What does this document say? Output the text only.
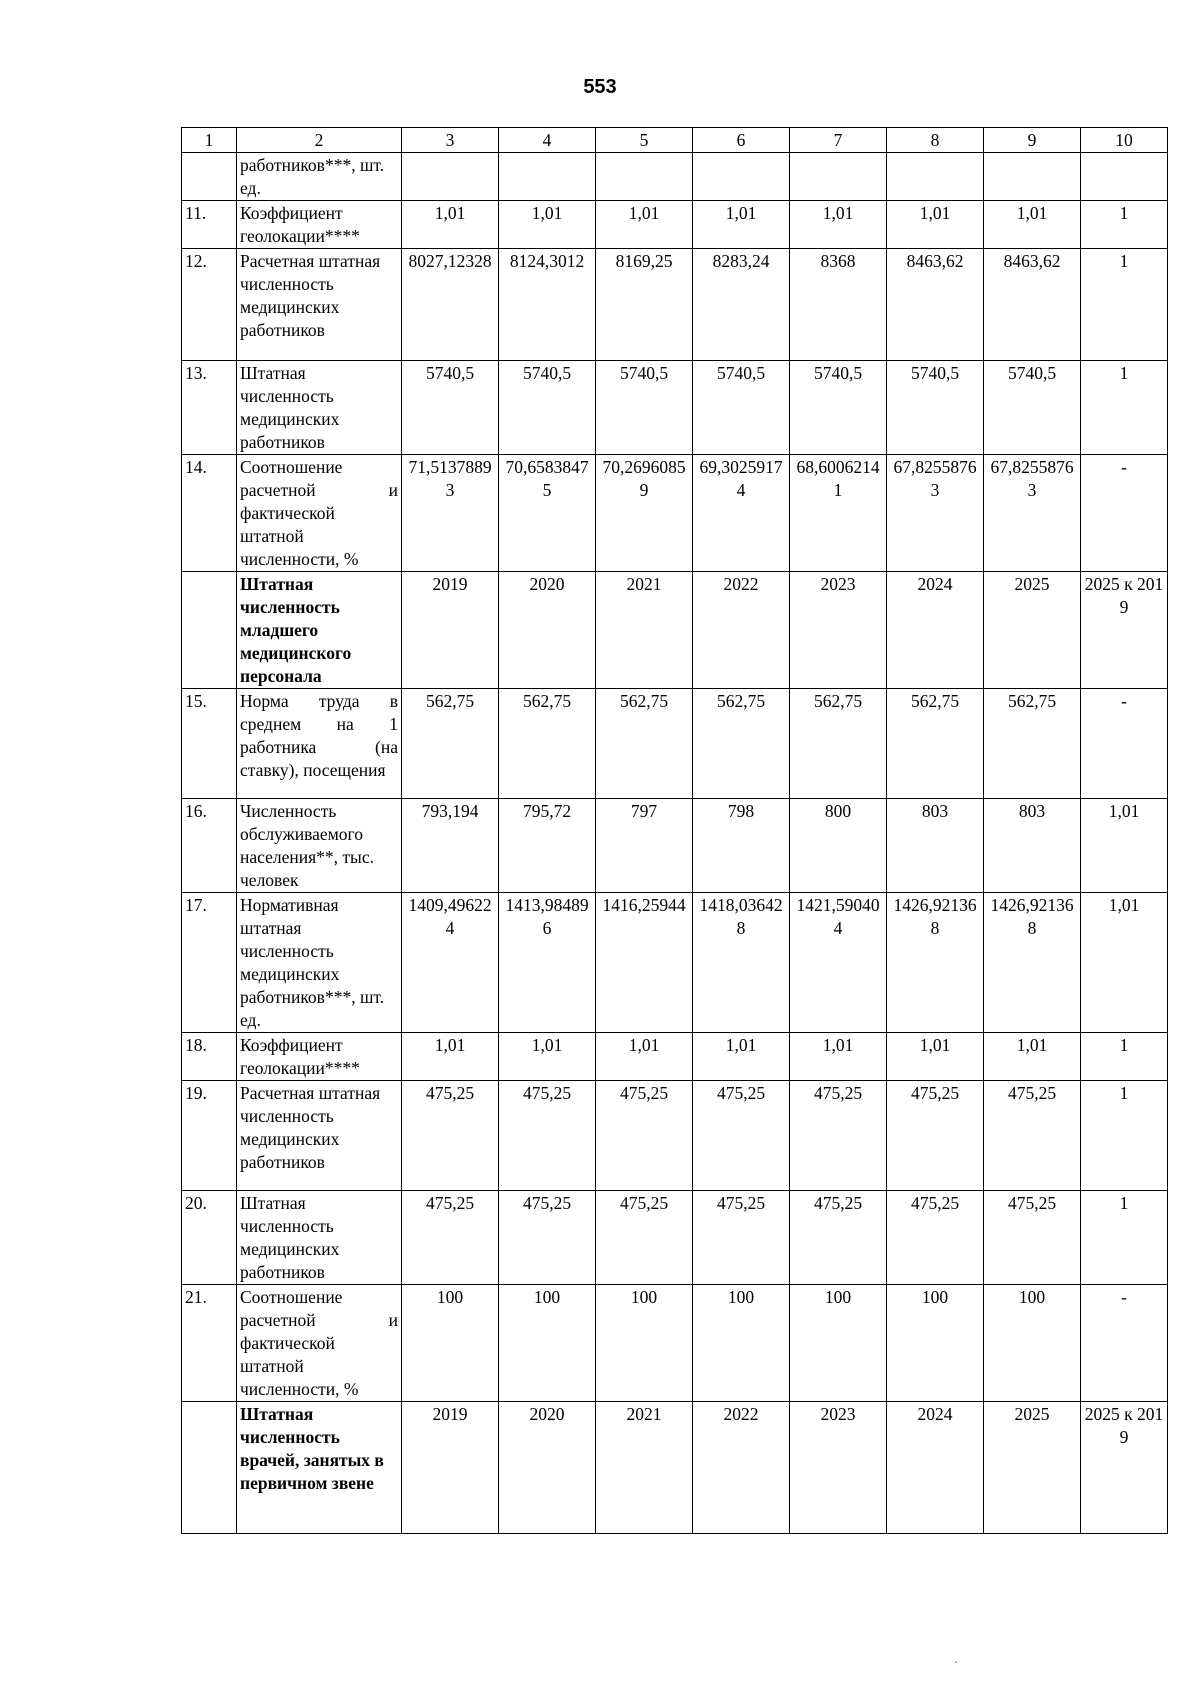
553
1	2	3	4	5	6	7	8	9	10
	работников***, шт. ед.								
11.	Коэффициент геолокации****	1,01	1,01	1,01	1,01	1,01	1,01	1,01	1
12.	Расчетная штатная численность медицинских работников	8027,12328	8124,3012	8169,25	8283,24	8368	8463,62	8463,62	1
13.	Штатная численность медицинских работников	5740,5	5740,5	5740,5	5740,5	5740,5	5740,5	5740,5	1
14.	Соотношение расчетной и фактической штатной численности, %	71,51378893	70,65838475	70,26960859	69,30259174	68,60062141	67,82558763	67,82558763	-
	Штатная численность младшего медицинского персонала	2019	2020	2021	2022	2023	2024	2025	2025 к 2019
15.	Норма труда в среднем на 1 работника (на ставку), посещения	562,75	562,75	562,75	562,75	562,75	562,75	562,75	-
16.	Численность обслуживаемого населения**, тыс. человек	793,194	795,72	797	798	800	803	803	1,01
17.	Нормативная штатная численность медицинских работников***, шт. ед.	1409,496224	1413,984896	1416,25944	1418,036428	1421,590404	1426,921368	1426,921368	1,01
18.	Коэффициент геолокации****	1,01	1,01	1,01	1,01	1,01	1,01	1,01	1
19.	Расчетная штатная численность медицинских работников	475,25	475,25	475,25	475,25	475,25	475,25	475,25	1
20.	Штатная численность медицинских работников	475,25	475,25	475,25	475,25	475,25	475,25	475,25	1
21.	Соотношение расчетной и фактической штатной численности, %	100	100	100	100	100	100	100	-
	Штатная численность врачей, занятых в первичном звене	2019	2020	2021	2022	2023	2024	2025	2025 к 2019
